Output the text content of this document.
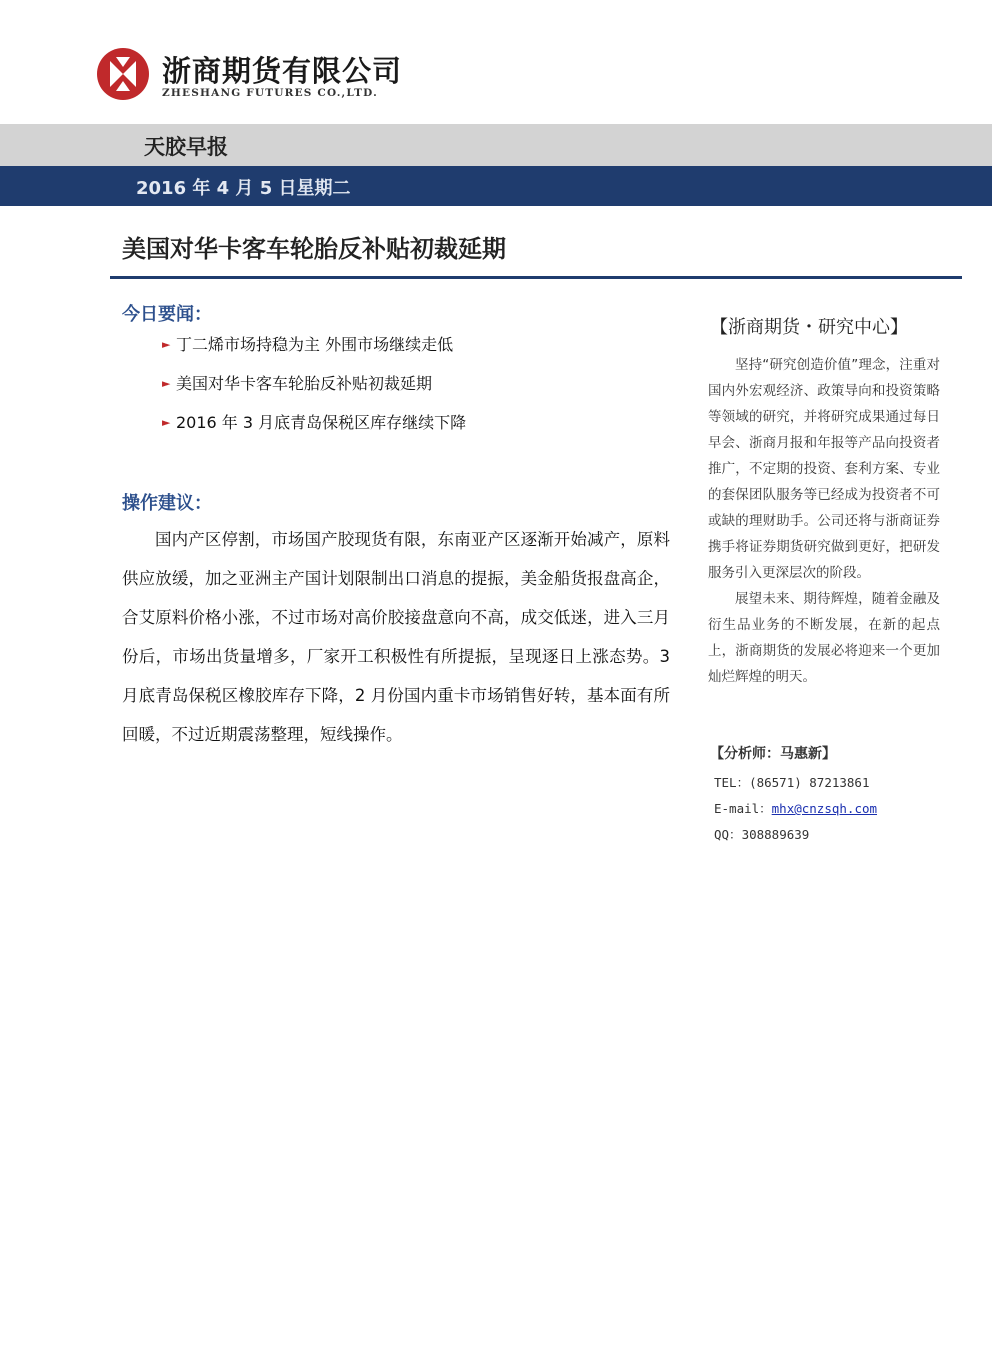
浙商期货有限公司
ZHESHANG FUTURES CO.,LTD.
天胶早报
2016 年 4 月 5 日星期二
美国对华卡客车轮胎反补贴初裁延期
今日要闻：
► 丁二烯市场持稳为主 外围市场继续走低
► 美国对华卡客车轮胎反补贴初裁延期
► 2016 年 3 月底青岛保税区库存继续下降
操作建议：

国内产区停割，市场国产胶现货有限，东南亚产区逐渐开始减产，原料供应放缓，加之亚洲主产国计划限制出口消息的提振，美金船货报盘高企，合艾原料价格小涨，不过市场对高价胶接盘意向不高，成交低迷，进入三月份后，市场出货量增多，厂家开工积极性有所提振，呈现逐日上涨态势。3 月底青岛保税区橡胶库存下降，2 月份国内重卡市场销售好转，基本面有所回暖，不过近期震荡整理，短线操作。

【浙商期货・研究中心】

坚持“研究创造价值”理念，注重对国内外宏观经济、政策导向和投资策略等领域的研究，并将研究成果通过每日早会、浙商月报和年报等产品向投资者推广，不定期的投资、套利方案、专业的套保团队服务等已经成为投资者不可或缺的理财助手。公司还将与浙商证券携手将证券期货研究做到更好，把研发服务引入更深层次的阶段。

展望未来、期待辉煌，随着金融及衍生品业务的不断发展，在新的起点上，浙商期货的发展必将迎来一个更加灿烂辉煌的明天。

【分析师：马惠新】
TEL：(86571) 87213861
E-mail：mhx@cnzsqh.com
QQ：308889639
